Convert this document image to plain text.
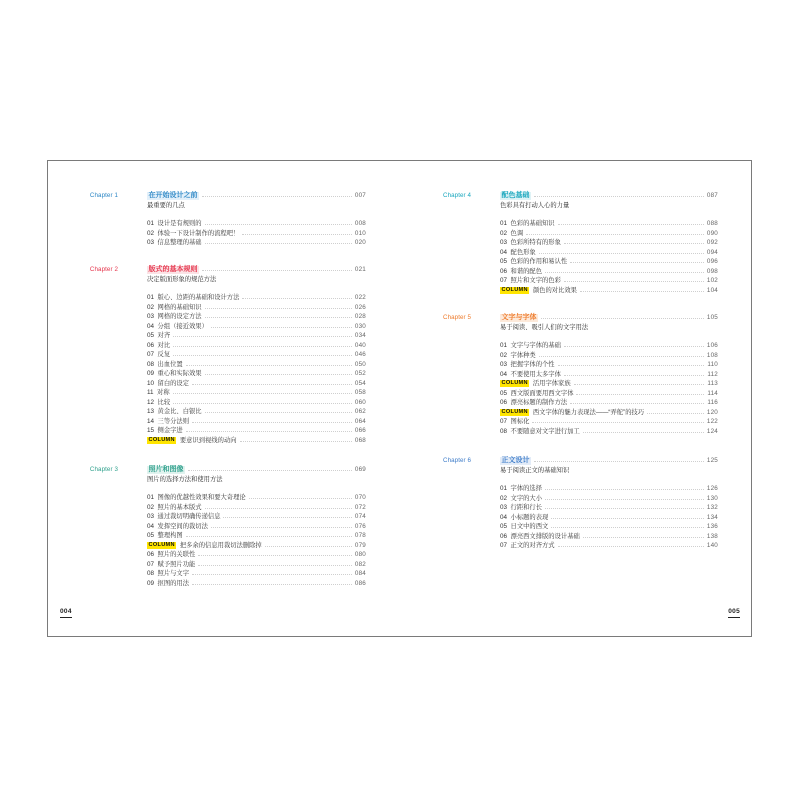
004
Chapter 1	在开始设计之前	007
最重要的几点
01 设计是有规则的	008
02 体验一下设计制作的流程吧！	010
03 信息整理的基础	020
Chapter 2	版式的基本规则	021
决定版面形象的规范方法
01 版心、边距的基础和设计方法	022
02 网格的基础知识	026
03 网格的设定方法	028
04 分组（接近效果）	030
05 对齐	034
06 对比	040
07 反复	046
08 出血位置	050
09 重心和实际效果	052
10 留白的设定	054
11 对称	058
12 比较	060
13 黄金比、白银比	062
14 三等分法则	064
15 侧金字进	066
COLUMN 要意识到视线的动向	068
Chapter 3	照片和图像	069
图片的选择方法和使用方法
01 图像的优越性效果和要大奇理论	070
02 照片的基本版式	072
03 通过裁切明确传递信息	074
04 发挥空间的裁切法	076
05 整理构图	078
COLUMN 把多余的信息用裁切法删除掉	079
06 照片的关联性	080
07 赋予照片功能	082
08 照片与文字	084
09 抠图的用法	086
005
Chapter 4	配色基础	087
色彩具有打动人心的力量
01 色彩的基础知识	088
02 色调	090
03 色彩所特有的形象	092
04 配色形象	094
05 色彩的作用和易认性	096
06 和谐的配色	098
07 照片和文字的色彩	102
COLUMN 颜色的对比效果	104
Chapter 5	文字与字体	105
易于阅读、吸引人们的文字用法
01 文字与字体的基础	106
02 字体种类	108
03 把握字体的个性	110
04 不要使用太多字体	112
COLUMN 活用字体家族	113
05 西文版面要用西文字体	114
06 漂亮标题的制作方法	116
COLUMN 西文字体的魅力表现法——“弄舵”的技巧	120
07 图标化	122
08 不要随意对文字进行加工	124
Chapter 6	正文设计	125
易于阅读正文的基础知识
01 字体的选择	126
02 文字的大小	130
03 行距和行长	132
04 小标题的表现	134
05 日文中的西文	136
06 漂亮西文排版的设计基础	138
07 正文的对齐方式	140
